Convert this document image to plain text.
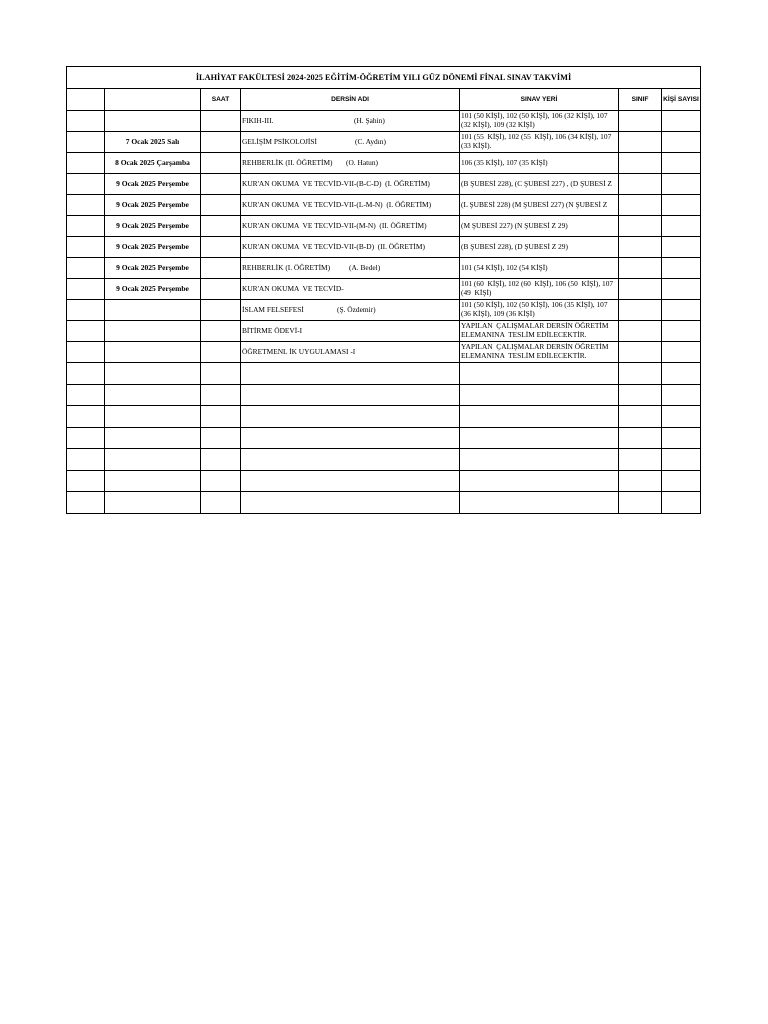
İLAHİYAT FAKÜLTESİ 2024-2025 EĞİTİM-ÖĞRETİM YILI GÜZ DÖNEMİ FİNAL SINAV TAKVİMİ						
		SAAT	DERSİN ADI	SINAV YERİ	SINIF	KİŞİ SAYISI

			FIKIH-III. (H. Şahin)	101 (50 KİŞİ), 102 (50 KİŞİ), 106 (32 KİŞİ), 107 (32 KİŞİ), 109 (32 KİŞİ)		
	7 Ocak 2025 Salı		GELİŞİM PSİKOLOJİSİ (C. Aydın)	101 (55  KİŞİ), 102 (55  KİŞİ), 106 (34 KİŞİ), 107 (33 KİŞİ).		
	8 Ocak 2025 Çarşamba		REHBERLİK (II. ÖĞRETİM) (O. Hatun)	106 (35 KİŞİ), 107 (35 KİŞİ)		
	9 Ocak 2025 Perşembe		KUR'AN OKUMA  VE TECVİD-VII-(B-C-D)  (I. ÖĞRETİM)	(B ŞUBESİ 228), (C ŞUBESİ 227) , (D ŞUBESİ Z		

	9 Ocak 2025 Perşembe		KUR'AN OKUMA  VE TECVİD-VII-(L-M-N)  (I. ÖĞRETİM)	(L ŞUBESİ 228) (M ŞUBESİ 227) (N ŞUBESİ Z		

	9 Ocak 2025 Perşembe		KUR'AN OKUMA  VE TECVİD-VII-(M-N)  (II. ÖĞRETİM)	(M ŞUBESİ 227) (N ŞUBESİ Z 29)		
	9 Ocak 2025 Perşembe		KUR'AN OKUMA  VE TECVİD-VII-(B-D)  (II. ÖĞRETİM)	(B ŞUBESİ 228), (D ŞUBESİ Z 29)		
	9 Ocak 2025 Perşembe		REHBERLİK (I. ÖĞRETİM) (A. Bedel)	101 (54 KİŞİ), 102 (54 KİŞİ)		
	9 Ocak 2025 Perşembe		KUR'AN OKUMA  VE TECVİD-	101 (60  KİŞİ), 102 (60  KİŞİ), 106 (50  KİŞİ), 107 (49  KİŞİ)		

			İSLAM FELSEFESİ (Ş. Özdemir)	101 (50 KİŞİ), 102 (50 KİŞİ), 106 (35 KİŞİ), 107 (36 KİŞİ), 109 (36 KİŞİ)		

			BİTİRME ÖDEVİ-I	YAPILAN  ÇALIŞMALAR DERSİN ÖĞRETİM ELEMANINA  TESLİM EDİLECEKTİR.		

			ÖĞRETMENL İK UYGULAMASI -I	YAPILAN  ÇALIŞMALAR DERSİN ÖĞRETİM ELEMANINA  TESLİM EDİLECEKTİR.		
